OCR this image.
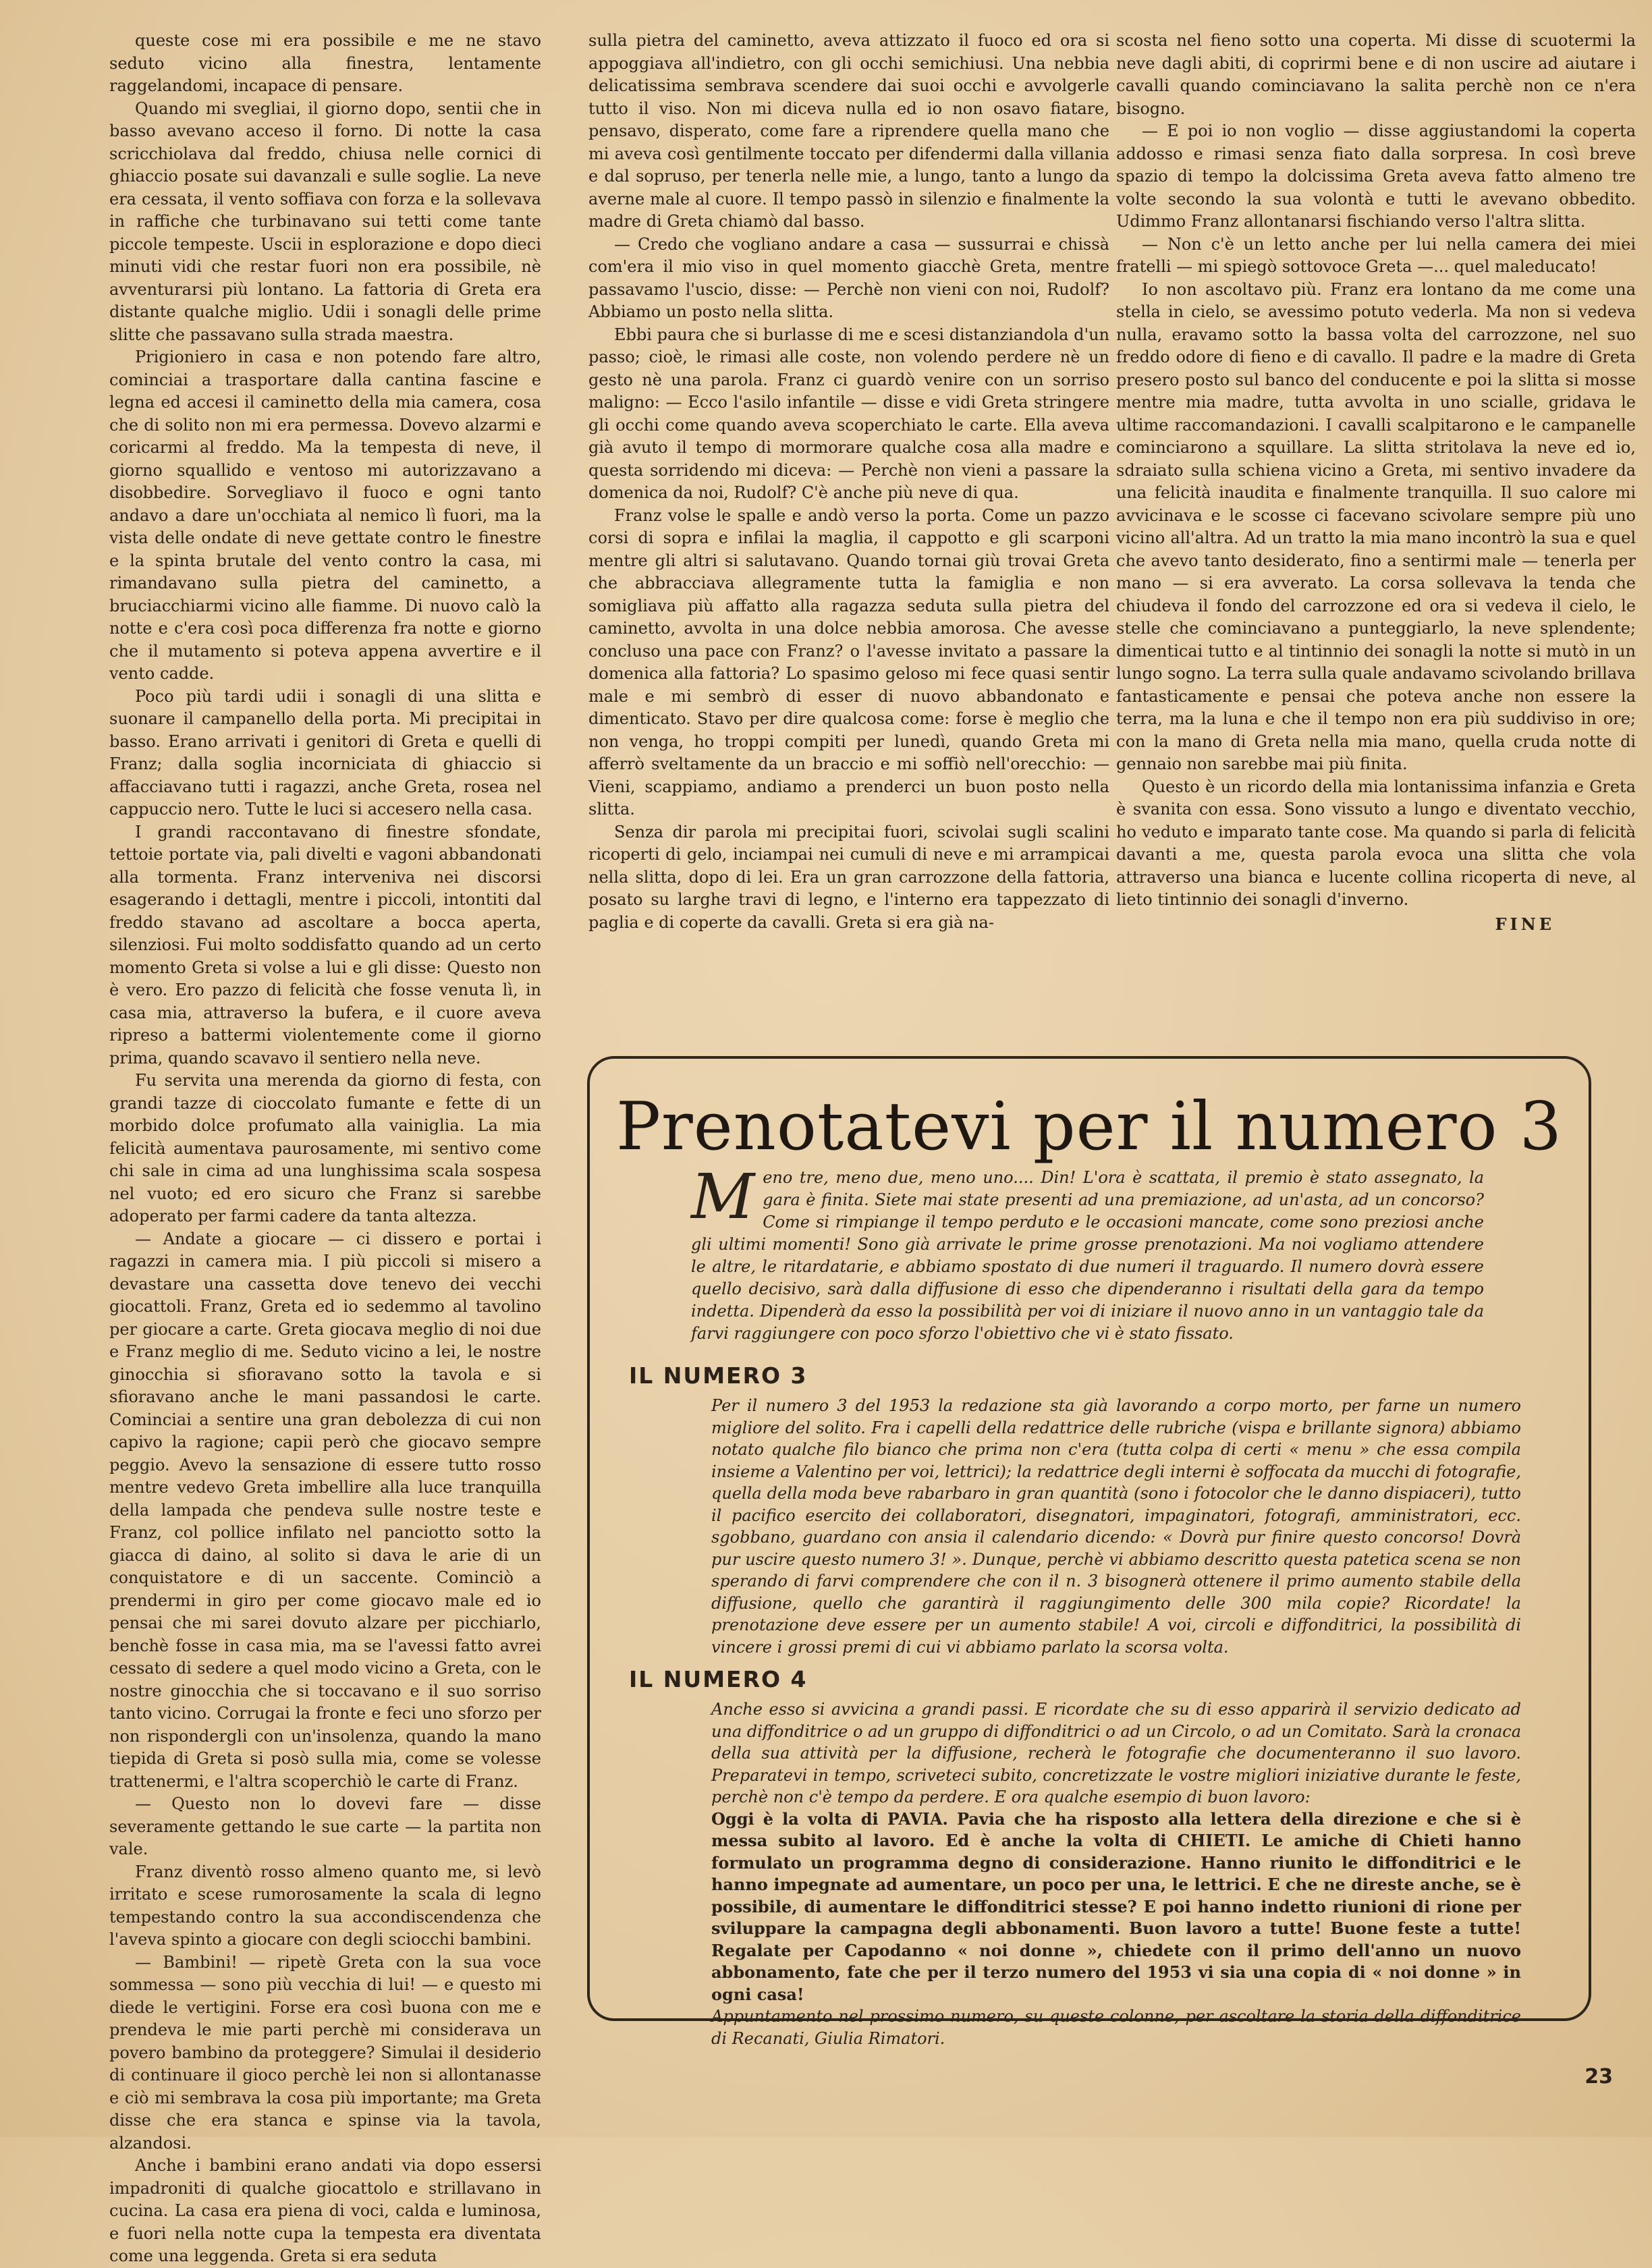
queste cose mi era possibile e me ne stavo seduto vicino alla finestra, lentamente raggelandomi, incapace di pensare.

Quando mi svegliai, il giorno dopo, sentii che in basso avevano acceso il forno. Di notte la casa scricchiolava dal freddo, chiusa nelle cornici di ghiaccio posate sui davanzali e sulle soglie. La neve era cessata, il vento soffiava con forza e la sollevava in raffiche che turbinavano sui tetti come tante piccole tempeste. Uscii in esplorazione e dopo dieci minuti vidi che restar fuori non era possibile, nè avventurarsi più lontano. La fattoria di Greta era distante qualche miglio. Udii i sonagli delle prime slitte che passavano sulla strada maestra.

Prigioniero in casa e non potendo fare altro, cominciai a trasportare dalla cantina fascine e legna ed accesi il caminetto della mia camera, cosa che di solito non mi era permessa. Dovevo alzarmi e coricarmi al freddo. Ma la tempesta di neve, il giorno squallido e ventoso mi autorizzavano a disobbedire. Sorvegliavo il fuoco e ogni tanto andavo a dare un'occhiata al nemico lì fuori, ma la vista delle ondate di neve gettate contro le finestre e la spinta brutale del vento contro la casa, mi rimandavano sulla pietra del caminetto, a bruciacchiarmi vicino alle fiamme. Di nuovo calò la notte e c'era così poca differenza fra notte e giorno che il mutamento si poteva appena avvertire e il vento cadde.

Poco più tardi udii i sonagli di una slitta e suonare il campanello della porta. Mi precipitai in basso. Erano arrivati i genitori di Greta e quelli di Franz; dalla soglia incorniciata di ghiaccio si affacciavano tutti i ragazzi, anche Greta, rosea nel cappuccio nero. Tutte le luci si accesero nella casa.

I grandi raccontavano di finestre sfondate, tettoie portate via, pali divelti e vagoni abbandonati alla tormenta. Franz interveniva nei discorsi esagerando i dettagli, mentre i piccoli, intontiti dal freddo stavano ad ascoltare a bocca aperta, silenziosi. Fui molto soddisfatto quando ad un certo momento Greta si volse a lui e gli disse: Questo non è vero. Ero pazzo di felicità che fosse venuta lì, in casa mia, attraverso la bufera, e il cuore aveva ripreso a battermi violentemente come il giorno prima, quando scavavo il sentiero nella neve.

Fu servita una merenda da giorno di festa, con grandi tazze di cioccolato fumante e fette di un morbido dolce profumato alla vainiglia. La mia felicità aumentava paurosamente, mi sentivo come chi sale in cima ad una lunghissima scala sospesa nel vuoto; ed ero sicuro che Franz si sarebbe adoperato per farmi cadere da tanta altezza.

— Andate a giocare — ci dissero e portai i ragazzi in camera mia. I più piccoli si misero a devastare una cassetta dove tenevo dei vecchi giocattoli. Franz, Greta ed io sedemmo al tavolino per giocare a carte. Greta giocava meglio di noi due e Franz meglio di me. Seduto vicino a lei, le nostre ginocchia si sfioravano sotto la tavola e si sfioravano anche le mani passandosi le carte. Cominciai a sentire una gran debolezza di cui non capivo la ragione; capii però che giocavo sempre peggio. Avevo la sensazione di essere tutto rosso mentre vedevo Greta imbellire alla luce tranquilla della lampada che pendeva sulle nostre teste e Franz, col pollice infilato nel panciotto sotto la giacca di daino, al solito si dava le arie di un conquistatore e di un saccente. Cominciò a prendermi in giro per come giocavo male ed io pensai che mi sarei dovuto alzare per picchiarlo, benchè fosse in casa mia, ma se l'avessi fatto avrei cessato di sedere a quel modo vicino a Greta, con le nostre ginocchia che si toccavano e il suo sorriso tanto vicino. Corrugai la fronte e feci uno sforzo per non rispondergli con un'insolenza, quando la mano tiepida di Greta si posò sulla mia, come se volesse trattenermi, e l'altra scoperchiò le carte di Franz.

— Questo non lo dovevi fare — disse severamente gettando le sue carte — la partita non vale.

Franz diventò rosso almeno quanto me, si levò irritato e scese rumorosamente la scala di legno tempestando contro la sua accondiscendenza che l'aveva spinto a giocare con degli sciocchi bambini.

— Bambini! — ripetè Greta con la sua voce sommessa — sono più vecchia di lui! — e questo mi diede le vertigini. Forse era così buona con me e prendeva le mie parti perchè mi considerava un povero bambino da proteggere? Simulai il desiderio di continuare il gioco perchè lei non si allontanasse e ciò mi sembrava la cosa più importante; ma Greta disse che era stanca e spinse via la tavola, alzandosi.

Anche i bambini erano andati via dopo essersi impadroniti di qualche giocattolo e strillavano in cucina. La casa era piena di voci, calda e luminosa, e fuori nella notte cupa la tempesta era diventata come una leggenda. Greta si era seduta

sulla pietra del caminetto, aveva attizzato il fuoco ed ora si appoggiava all'indietro, con gli occhi semichiusi. Una nebbia delicatissima sembrava scendere dai suoi occhi e avvolgerle tutto il viso. Non mi diceva nulla ed io non osavo fiatare, pensavo, disperato, come fare a riprendere quella mano che mi aveva così gentilmente toccato per difendermi dalla villania e dal sopruso, per tenerla nelle mie, a lungo, tanto a lungo da averne male al cuore. Il tempo passò in silenzio e finalmente la madre di Greta chiamò dal basso.

— Credo che vogliano andare a casa — sussurrai e chissà com'era il mio viso in quel momento giacchè Greta, mentre passavamo l'uscio, disse: — Perchè non vieni con noi, Rudolf? Abbiamo un posto nella slitta.

Ebbi paura che si burlasse di me e scesi distanziandola d'un passo; cioè, le rimasi alle coste, non volendo perdere nè un gesto nè una parola. Franz ci guardò venire con un sorriso maligno: — Ecco l'asilo infantile — disse e vidi Greta stringere gli occhi come quando aveva scoperchiato le carte. Ella aveva già avuto il tempo di mormorare qualche cosa alla madre e questa sorridendo mi diceva: — Perchè non vieni a passare la domenica da noi, Rudolf? C'è anche più neve di qua.

Franz volse le spalle e andò verso la porta. Come un pazzo corsi di sopra e infilai la maglia, il cappotto e gli scarponi mentre gli altri si salutavano. Quando tornai giù trovai Greta che abbracciava allegramente tutta la famiglia e non somigliava più affatto alla ragazza seduta sulla pietra del caminetto, avvolta in una dolce nebbia amorosa. Che avesse concluso una pace con Franz? o l'avesse invitato a passare la domenica alla fattoria? Lo spasimo geloso mi fece quasi sentir male e mi sembrò di esser di nuovo abbandonato e dimenticato. Stavo per dire qualcosa come: forse è meglio che non venga, ho troppi compiti per lunedì, quando Greta mi afferrò sveltamente da un braccio e mi soffiò nell'orecchio: — Vieni, scappiamo, andiamo a prenderci un buon posto nella slitta.

Senza dir parola mi precipitai fuori, scivolai sugli scalini ricoperti di gelo, inciampai nei cumuli di neve e mi arrampicai nella slitta, dopo di lei. Era un gran carrozzone della fattoria, posato su larghe travi di legno, e l'interno era tappezzato di paglia e di coperte da cavalli. Greta si era già na-

scosta nel fieno sotto una coperta. Mi disse di scuotermi la neve dagli abiti, di coprirmi bene e di non uscire ad aiutare i cavalli quando cominciavano la salita perchè non ce n'era bisogno.

— E poi io non voglio — disse aggiustandomi la coperta addosso e rimasi senza fiato dalla sorpresa. In così breve spazio di tempo la dolcissima Greta aveva fatto almeno tre volte secondo la sua volontà e tutti le avevano obbedito. Udimmo Franz allontanarsi fischiando verso l'altra slitta.

— Non c'è un letto anche per lui nella camera dei miei fratelli — mi spiegò sottovoce Greta —... quel maleducato!

Io non ascoltavo più. Franz era lontano da me come una stella in cielo, se avessimo potuto vederla. Ma non si vedeva nulla, eravamo sotto la bassa volta del carrozzone, nel suo freddo odore di fieno e di cavallo. Il padre e la madre di Greta presero posto sul banco del conducente e poi la slitta si mosse mentre mia madre, tutta avvolta in uno scialle, gridava le ultime raccomandazioni. I cavalli scalpitarono e le campanelle cominciarono a squillare. La slitta stritolava la neve ed io, sdraiato sulla schiena vicino a Greta, mi sentivo invadere da una felicità inaudita e finalmente tranquilla. Il suo calore mi avvicinava e le scosse ci facevano scivolare sempre più uno vicino all'altra. Ad un tratto la mia mano incontrò la sua e quel che avevo tanto desiderato, fino a sentirmi male — tenerla per mano — si era avverato. La corsa sollevava la tenda che chiudeva il fondo del carrozzone ed ora si vedeva il cielo, le stelle che cominciavano a punteggiarlo, la neve splendente; dimenticai tutto e al tintinnio dei sonagli la notte si mutò in un lungo sogno. La terra sulla quale andavamo scivolando brillava fantasticamente e pensai che poteva anche non essere la terra, ma la luna e che il tempo non era più suddiviso in ore; con la mano di Greta nella mia mano, quella cruda notte di gennaio non sarebbe mai più finita.

Questo è un ricordo della mia lontanissima infanzia e Greta è svanita con essa. Sono vissuto a lungo e diventato vecchio, ho veduto e imparato tante cose. Ma quando si parla di felicità davanti a me, questa parola evoca una slitta che vola attraverso una bianca e lucente collina ricoperta di neve, al lieto tintinnio dei sonagli d'inverno.

FINE

Prenotatevi per il numero 3
Meno tre, meno due, meno uno.... Din! L'ora è scattata, il premio è stato assegnato, la gara è finita. Siete mai state presenti ad una premiazione, ad un'asta, ad un concorso? Come si rimpiange il tempo perduto e le occasioni mancate, come sono preziosi anche gli ultimi momenti! Sono già arrivate le prime grosse prenotazioni. Ma noi vogliamo attendere le altre, le ritardatarie, e abbiamo spostato di due numeri il traguardo. Il numero dovrà essere quello decisivo, sarà dalla diffusione di esso che dipenderanno i risultati della gara da tempo indetta. Dipenderà da esso la possibilità per voi di iniziare il nuovo anno in un vantaggio tale da farvi raggiungere con poco sforzo l'obiettivo che vi è stato fissato.
IL NUMERO 3

Per il numero 3 del 1953 la redazione sta già lavorando a corpo morto, per farne un numero migliore del solito. Fra i capelli della redattrice delle rubriche (vispa e brillante signora) abbiamo notato qualche filo bianco che prima non c'era (tutta colpa di certi « menu » che essa compila insieme a Valentino per voi, lettrici); la redattrice degli interni è soffocata da mucchi di fotografie, quella della moda beve rabarbaro in gran quantità (sono i fotocolor che le danno dispiaceri), tutto il pacifico esercito dei collaboratori, disegnatori, impaginatori, fotografi, amministratori, ecc. sgobbano, guardano con ansia il calendario dicendo: « Dovrà pur finire questo concorso! Dovrà pur uscire questo numero 3! ». Dunque, perchè vi abbiamo descritto questa patetica scena se non sperando di farvi comprendere che con il n. 3 bisognerà ottenere il primo aumento stabile della diffusione, quello che garantirà il raggiungimento delle 300 mila copie? Ricordate! la prenotazione deve essere per un aumento stabile! A voi, circoli e diffonditrici, la possibilità di vincere i grossi premi di cui vi abbiamo parlato la scorsa volta.

IL NUMERO 4

Anche esso si avvicina a grandi passi. E ricordate che su di esso apparirà il servizio dedicato ad una diffonditrice o ad un gruppo di diffonditrici o ad un Circolo, o ad un Comitato. Sarà la cronaca della sua attività per la diffusione, recherà le fotografie che documenteranno il suo lavoro. Preparatevi in tempo, scriveteci subito, concretizzate le vostre migliori iniziative durante le feste, perchè non c'è tempo da perdere. E ora qualche esempio di buon lavoro:

Oggi è la volta di PAVIA. Pavia che ha risposto alla lettera della direzione e che si è messa subito al lavoro. Ed è anche la volta di CHIETI. Le amiche di Chieti hanno formulato un programma degno di considerazione. Hanno riunito le diffonditrici e le hanno impegnate ad aumentare, un poco per una, le lettrici. E che ne direste anche, se è possibile, di aumentare le diffonditrici stesse? E poi hanno indetto riunioni di rione per sviluppare la campagna degli abbonamenti. Buon lavoro a tutte! Buone feste a tutte! Regalate per Capodanno « noi donne », chiedete con il primo dell'anno un nuovo abbonamento, fate che per il terzo numero del 1953 vi sia una copia di « noi donne » in ogni casa!

Appuntamento nel prossimo numero, su queste colonne, per ascoltare la storia della diffonditrice di Recanati, Giulia Rimatori.

23
